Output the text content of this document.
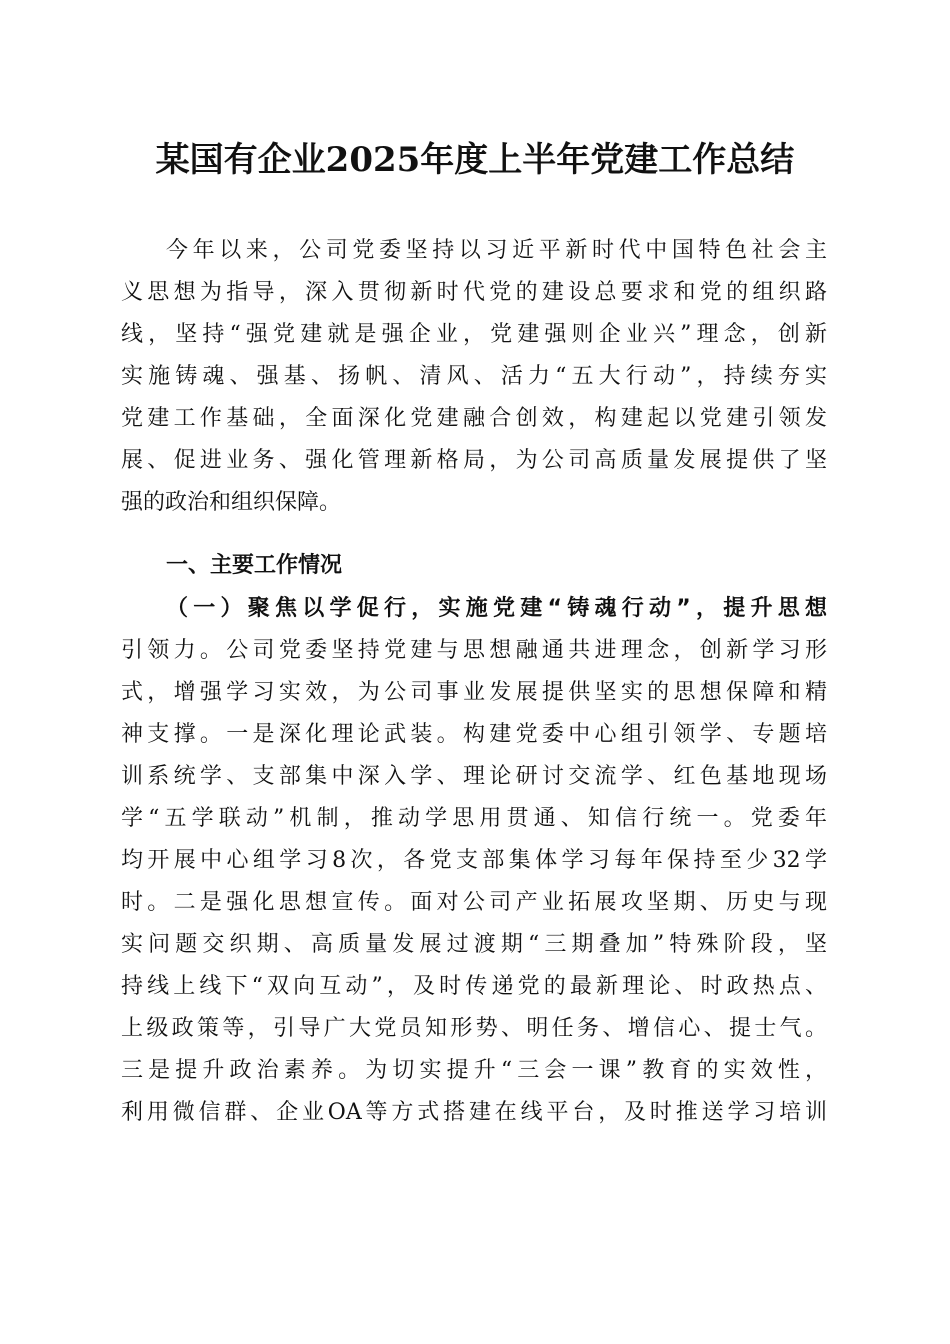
某国有企业2025年度上半年党建工作总结
今年以来，公司党委坚持以习近平新时代中国特色社会主
义思想为指导，深入贯彻新时代党的建设总要求和党的组织路
线，坚持“强党建就是强企业，党建强则企业兴”理念，创新
实施铸魂、强基、扬帆、清风、活力“五大行动”，持续夯实
党建工作基础，全面深化党建融合创效，构建起以党建引领发
展、促进业务、强化管理新格局，为公司高质量发展提供了坚
强的政治和组织保障。
一、主要工作情况
（一）聚焦以学促行，实施党建“铸魂行动”，提升思想
引领力。公司党委坚持党建与思想融通共进理念，创新学习形
式，增强学习实效，为公司事业发展提供坚实的思想保障和精
神支撑。一是深化理论武装。构建党委中心组引领学、专题培
训系统学、支部集中深入学、理论研讨交流学、红色基地现场
学“五学联动”机制，推动学思用贯通、知信行统一。党委年
均开展中心组学习8次，各党支部集体学习每年保持至少32学
时。二是强化思想宣传。面对公司产业拓展攻坚期、历史与现
实问题交织期、高质量发展过渡期“三期叠加”特殊阶段，坚
持线上线下“双向互动”，及时传递党的最新理论、时政热点、
上级政策等，引导广大党员知形势、明任务、增信心、提士气。
三是提升政治素养。为切实提升“三会一课”教育的实效性，
利用微信群、企业OA等方式搭建在线平台，及时推送学习培训
